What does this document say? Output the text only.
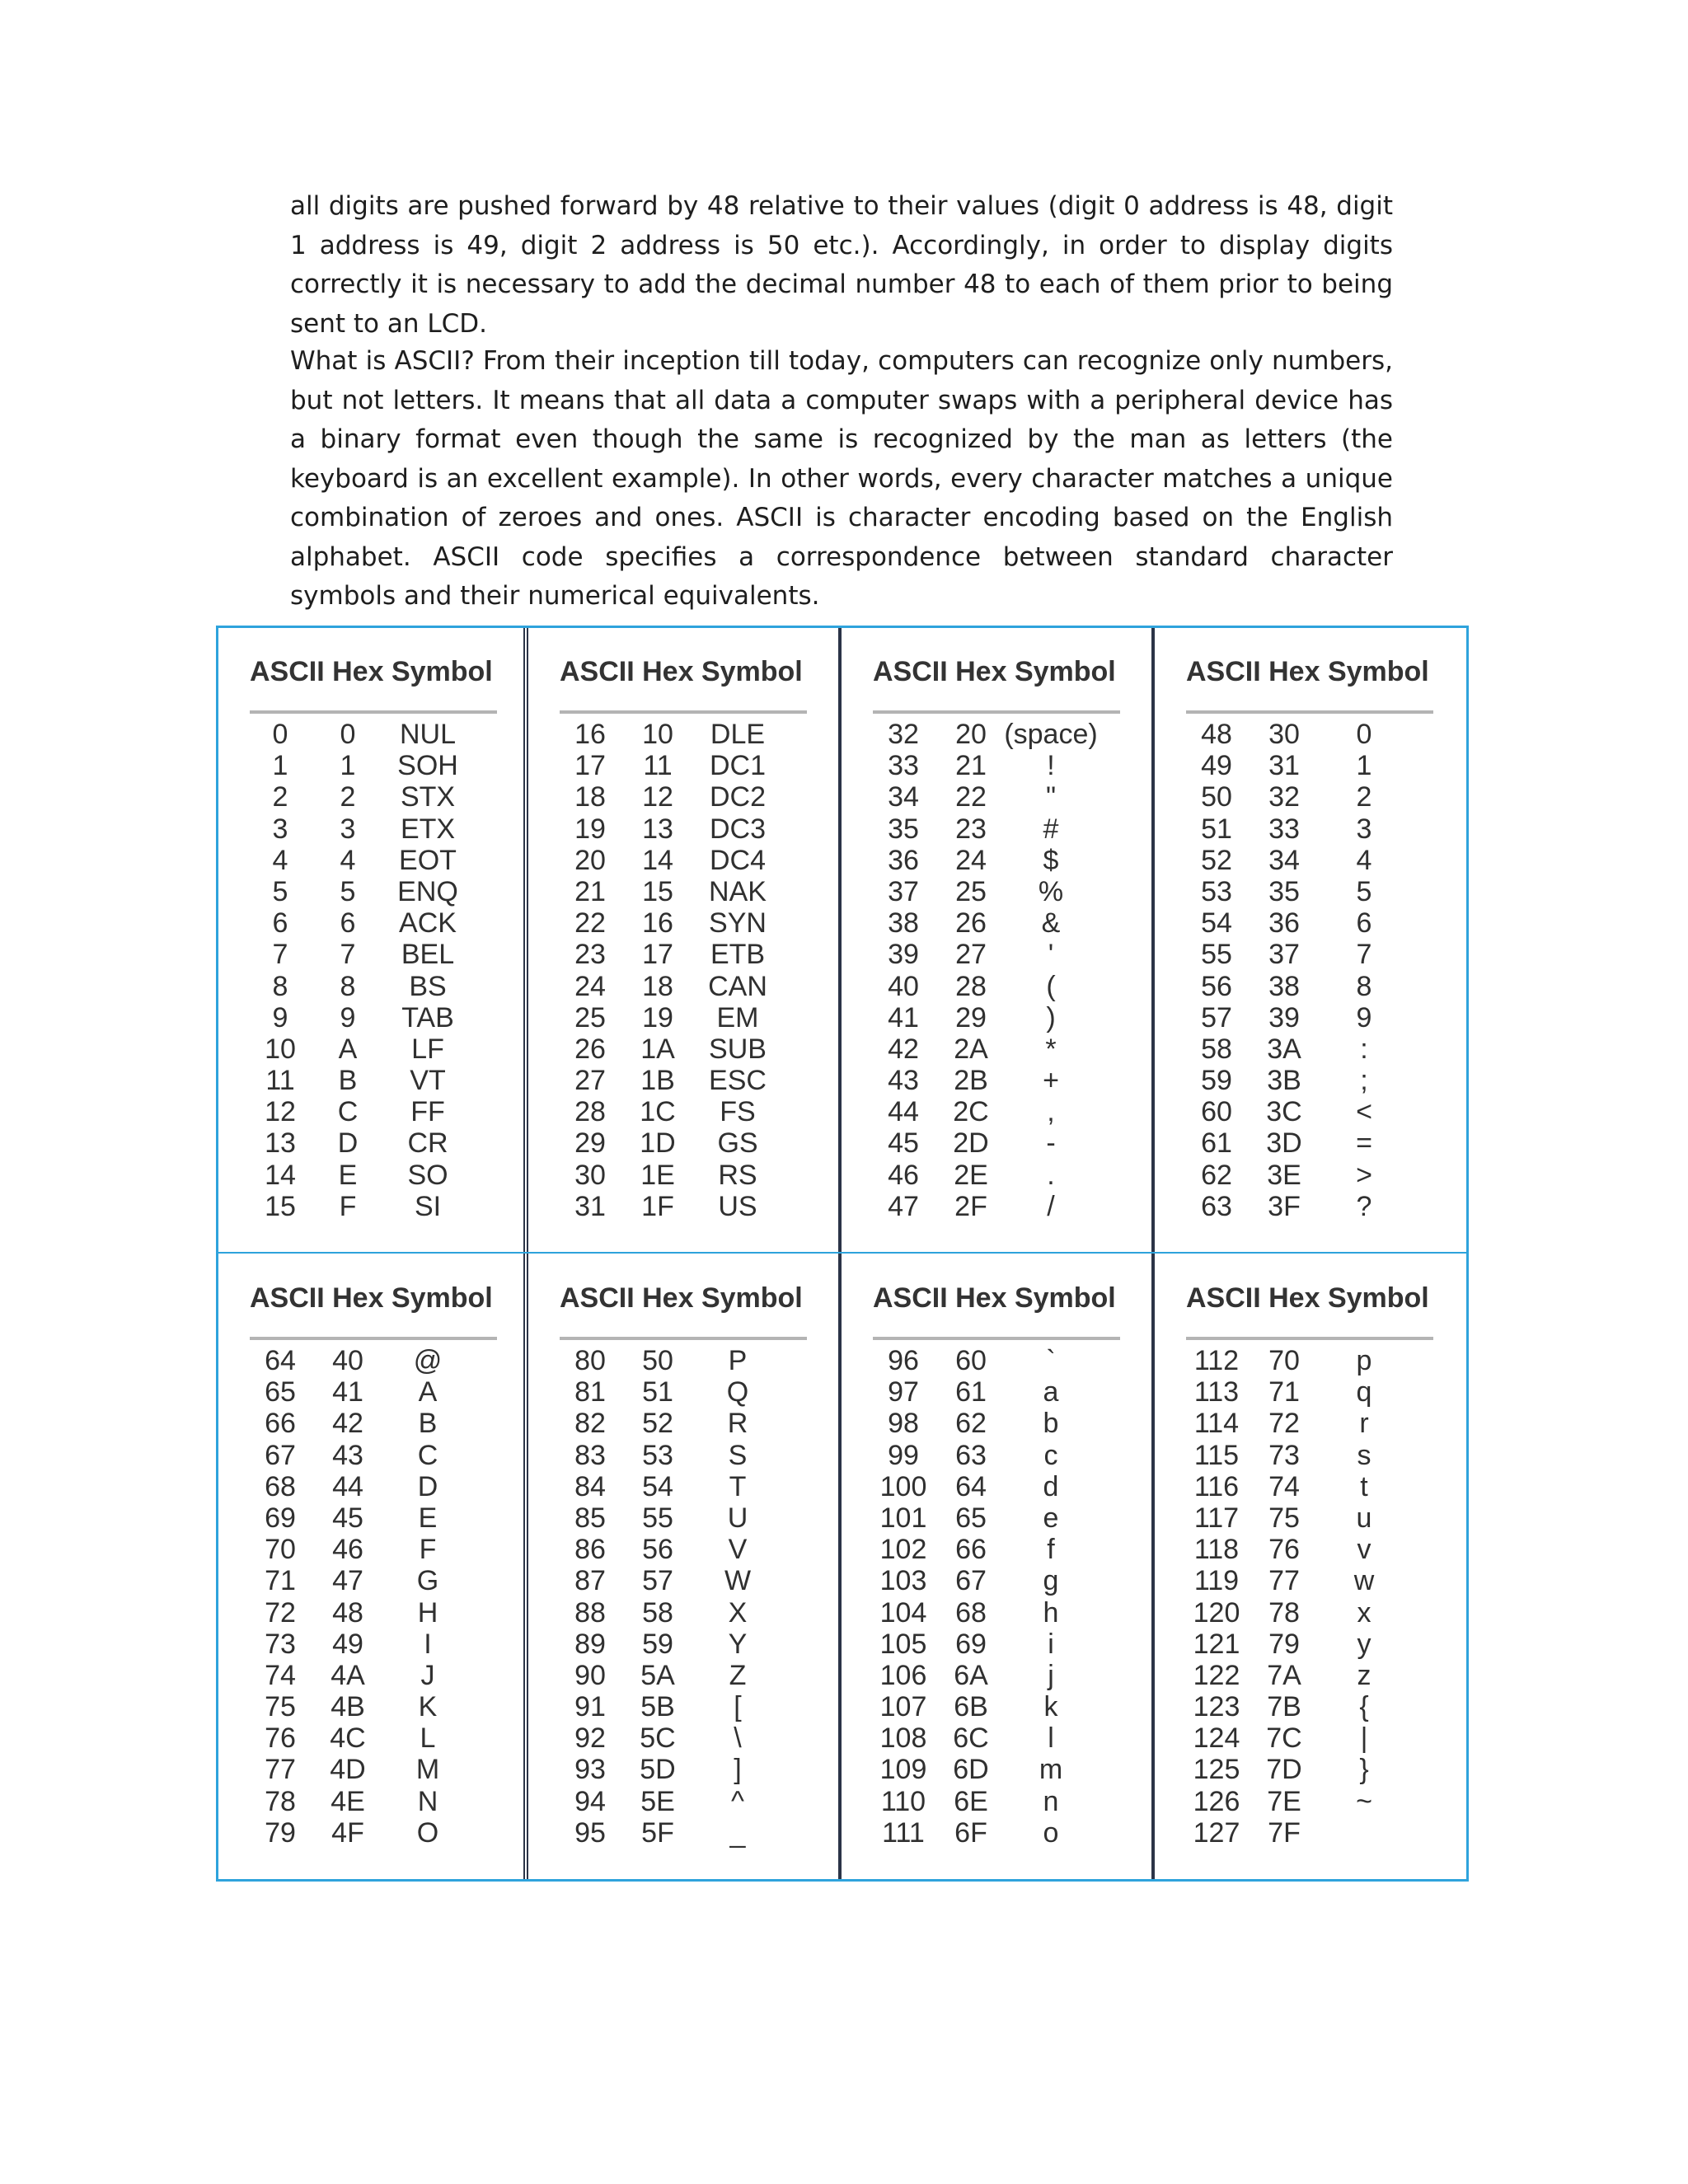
all digits are pushed forward by 48 relative to their values (digit 0 address is 48, digit 1 address is 49, digit 2 address is 50 etc.). Accordingly, in order to display digits correctly it is necessary to add the decimal number 48 to each of them prior to being sent to an LCD.

What is ASCII? From their inception till today, computers can recognize only numbers, but not letters. It means that all data a computer swaps with a peripheral device has a binary format even though the same is recognized by the man as letters (the keyboard is an excellent example). In other words, every character matches a unique combination of zeroes and ones. ASCII is character encoding based on the English alphabet. ASCII code specifies a correspondence between standard character symbols and their numerical equivalents.

ASCII Hex Symbol
0	0	NUL
1	1	SOH
2	2	STX
3	3	ETX
4	4	EOT
5	5	ENQ
6	6	ACK
7	7	BEL
8	8	BS
9	9	TAB
10	A	LF
11	B	VT
12	C	FF
13	D	CR
14	E	SO
15	F	SI
ASCII Hex Symbol
16	10	DLE
17	11	DC1
18	12	DC2
19	13	DC3
20	14	DC4
21	15	NAK
22	16	SYN
23	17	ETB
24	18	CAN
25	19	EM
26	1A	SUB
27	1B	ESC
28	1C	FS
29	1D	GS
30	1E	RS
31	1F	US
ASCII Hex Symbol
32	20 (space)
33	21	!
34	22	"
35	23	#
36	24	$
37	25	%
38	26	&
39	27	'
40	28	(
41	29	)
42	2A	*
43	2B	+
44	2C	,
45	2D	-
46	2E	.
47	2F	/
ASCII Hex Symbol
48	30	0
49	31	1
50	32	2
51	33	3
52	34	4
53	35	5
54	36	6
55	37	7
56	38	8
57	39	9
58	3A	:
59	3B	;
60	3C	<
61	3D	=
62	3E	>
63	3F	?
ASCII Hex Symbol
64	40	@
65	41	A
66	42	B
67	43	C
68	44	D
69	45	E
70	46	F
71	47	G
72	48	H
73	49	I
74	4A	J
75	4B	K
76	4C	L
77	4D	M
78	4E	N
79	4F	O
ASCII Hex Symbol
80	50	P
81	51	Q
82	52	R
83	53	S
84	54	T
85	55	U
86	56	V
87	57	W
88	58	X
89	59	Y
90	5A	Z
91	5B	[
92	5C	\
93	5D	]
94	5E	^
95	5F	_
ASCII Hex Symbol
96	60	`
97	61	a
98	62	b
99	63	c
100	64	d
101	65	e
102	66	f
103	67	g
104	68	h
105	69	i
106 6A	j
107 6B	k
108 6C	l
109 6D	m
110	6E	n
111	6F	o
ASCII Hex Symbol
112	70	p
113	71	q
114	72	r
115	73	s
116	74	t
117	75	u
118	76	v
119	77	w
120	78	x
121	79	y
122 7A	z
123 7B	{
124 7C	|
125 7D	}
126 7E	~
127 7F
